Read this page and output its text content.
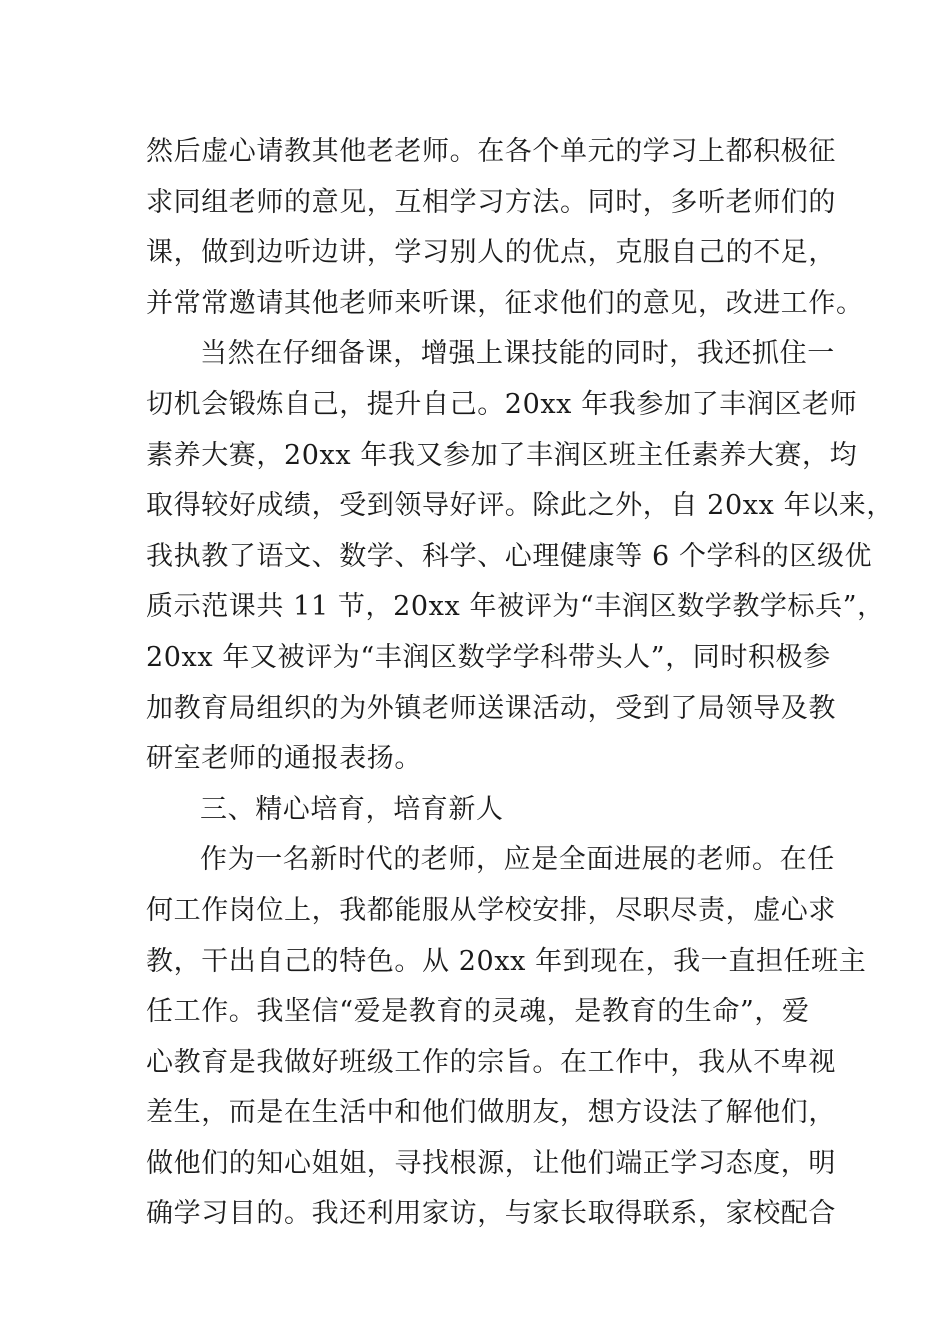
然后虚心请教其他老老师。在各个单元的学习上都积极征
求同组老师的意见，互相学习方法。同时，多听老师们的
课，做到边听边讲，学习别人的优点，克服自己的不足，
并常常邀请其他老师来听课，征求他们的意见，改进工作。
当然在仔细备课，增强上课技能的同时，我还抓住一
切机会锻炼自己，提升自己。20xx 年我参加了丰润区老师
素养大赛，20xx 年我又参加了丰润区班主任素养大赛，均
取得较好成绩，受到领导好评。除此之外，自 20xx 年以来，
我执教了语文、数学、科学、心理健康等 6 个学科的区级优
质示范课共 11 节，20xx 年被评为“丰润区数学教学标兵”，
20xx 年又被评为“丰润区数学学科带头人”，同时积极参
加教育局组织的为外镇老师送课活动，受到了局领导及教
研室老师的通报表扬。
三、精心培育，培育新人
作为一名新时代的老师，应是全面进展的老师。在任
何工作岗位上，我都能服从学校安排，尽职尽责，虚心求
教，干出自己的特色。从 20xx 年到现在，我一直担任班主
任工作。我坚信“爱是教育的灵魂，是教育的生命”，爱
心教育是我做好班级工作的宗旨。在工作中，我从不卑视
差生，而是在生活中和他们做朋友，想方设法了解他们，
做他们的知心姐姐，寻找根源，让他们端正学习态度，明
确学习目的。我还利用家访，与家长取得联系，家校配合
